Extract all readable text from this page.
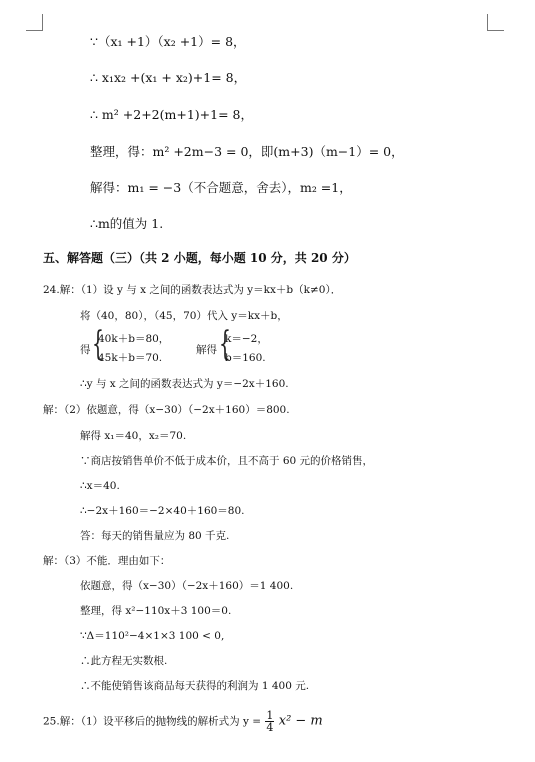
∵（x₁ +1）（x₂ +1）= 8，
∴ x₁x₂ +(x₁ + x₂)+1= 8，
∴ m² +2+2(m+1)+1= 8，
整理，得：m² +2m−3 = 0，即(m+3)（m−1）= 0，
解得：m₁ = −3（不合题意，舍去），m₂ =1，
∴m的值为 1.
五、解答题（三）（共 2 小题，每小题 10 分，共 20 分）
24.解：（1）设 y 与 x 之间的函数表达式为 y＝kx＋b（k≠0）．
将（40，80），（45，70）代入 y＝kx＋b，
得 {
40k＋b＝80，
45k＋b＝70.
解得 {
k＝−2，
b＝160.
∴y 与 x 之间的函数表达式为 y＝−2x＋160.
解：（2）依题意，得（x−30）（−2x＋160）＝800.
解得 x₁＝40，x₂＝70.
∵商店按销售单价不低于成本价，且不高于 60 元的价格销售，
∴x＝40.
∴−2x＋160＝−2×40＋160＝80.
答：每天的销售量应为 80 千克.
解：（3）不能．理由如下：
依题意，得（x−30）（−2x＋160）＝1 400.
整理，得 x²−110x＋3 100＝0.
∵Δ＝110²−4×1×3 100 < 0,
∴此方程无实数根.
∴不能使销售该商品每天获得的利润为 1 400 元.
25.解：（1）设平移后的抛物线的解析式为 $y = \frac{1}{4} x^2 - m$
